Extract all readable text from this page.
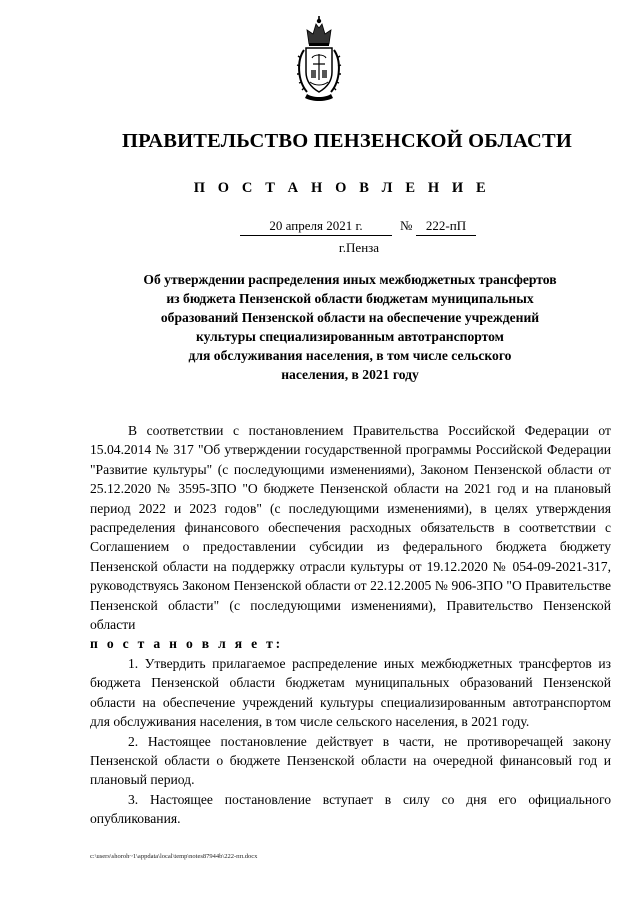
ПРАВИТЕЛЬСТВО ПЕНЗЕНСКОЙ ОБЛАСТИ
П О С Т А Н О В Л Е Н И Е
20 апреля 2021 г.	№	222-пП
г.Пенза
Об утверждении распределения иных межбюджетных трансфертов
из бюджета Пензенской области бюджетам муниципальных
образований Пензенской области на обеспечение учреждений
культуры специализированным автотранспортом
для обслуживания населения, в том числе сельского
населения, в 2021 году

В соответствии с постановлением Правительства Российской Федерации от 15.04.2014 № 317 "Об утверждении государственной программы Российской Федерации "Развитие культуры" (с последующими изменениями), Законом Пензенской области от 25.12.2020 № 3595-ЗПО "О бюджете Пензенской области на 2021 год и на плановый период 2022 и 2023 годов" (с последующими изменениями), в целях утверждения распределения финансового обеспечения расходных обязательств в соответствии с Соглашением о предоставлении субсидии из федерального бюджета бюджету Пензенской области на поддержку отрасли культуры от 19.12.2020 № 054-09-2021-317, руководствуясь Законом Пензенской области от 22.12.2005 № 906-ЗПО "О Правительстве Пензенской области" (с последующими изменениями), Правительство Пензенской области

п о с т а н о в л я е т:

1. Утвердить прилагаемое распределение иных межбюджетных трансфертов из бюджета Пензенской области бюджетам муниципальных образований Пензенской области на обеспечение учреждений культуры специализированным автотранспортом для обслуживания населения, в том числе сельского населения, в 2021 году.

2. Настоящее постановление действует в части, не противоречащей закону Пензенской области о бюджете Пензенской области на очередной финансовый год и плановый период.

3. Настоящее постановление вступает в силу со дня его официального опубликования.

c:\users\shoroh~1\appdata\local\temp\notes87944b\222-пп.docx
